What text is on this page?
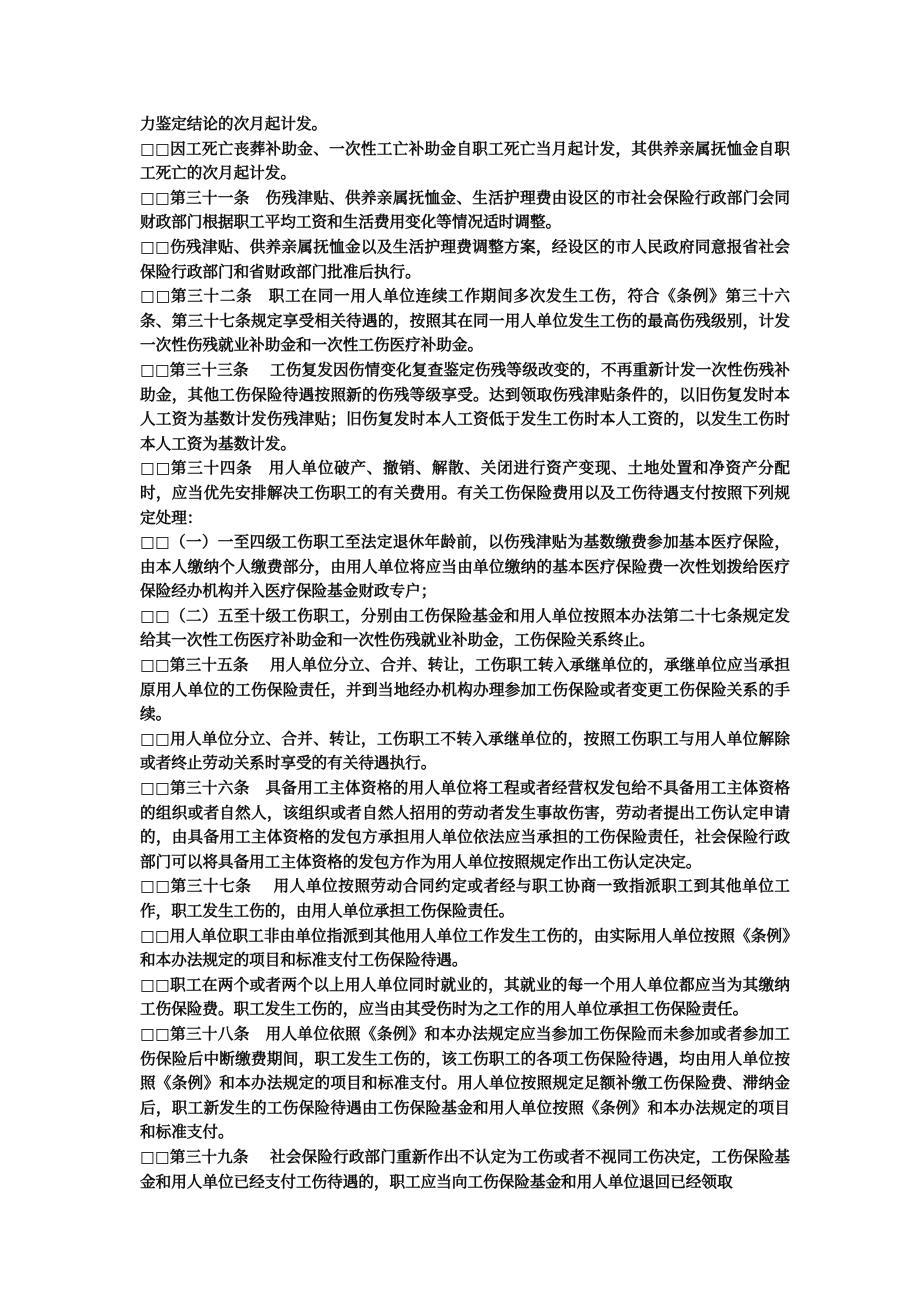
力鉴定结论的次月起计发。

□□因工死亡丧葬补助金、一次性工亡补助金自职工死亡当月起计发，其供养亲属抚恤金自职工死亡的次月起计发。

□□第三十一条　伤残津贴、供养亲属抚恤金、生活护理费由设区的市社会保险行政部门会同财政部门根据职工平均工资和生活费用变化等情况适时调整。

□□伤残津贴、供养亲属抚恤金以及生活护理费调整方案，经设区的市人民政府同意报省社会保险行政部门和省财政部门批准后执行。

□□第三十二条　职工在同一用人单位连续工作期间多次发生工伤，符合《条例》第三十六条、第三十七条规定享受相关待遇的，按照其在同一用人单位发生工伤的最高伤残级别，计发一次性伤残就业补助金和一次性工伤医疗补助金。

□□第三十三条　 工伤复发因伤情变化复查鉴定伤残等级改变的，不再重新计发一次性伤残补助金，其他工伤保险待遇按照新的伤残等级享受。达到领取伤残津贴条件的，以旧伤复发时本人工资为基数计发伤残津贴；旧伤复发时本人工资低于发生工伤时本人工资的，以发生工伤时本人工资为基数计发。

□□第三十四条　用人单位破产、撤销、解散、关闭进行资产变现、土地处置和净资产分配时，应当优先安排解决工伤职工的有关费用。有关工伤保险费用以及工伤待遇支付按照下列规定处理：

□□（一）一至四级工伤职工至法定退休年龄前，以伤残津贴为基数缴费参加基本医疗保险，由本人缴纳个人缴费部分，由用人单位将应当由单位缴纳的基本医疗保险费一次性划拨给医疗保险经办机构并入医疗保险基金财政专户；

□□（二）五至十级工伤职工，分别由工伤保险基金和用人单位按照本办法第二十七条规定发给其一次性工伤医疗补助金和一次性伤残就业补助金，工伤保险关系终止。

□□第三十五条　 用人单位分立、合并、转让，工伤职工转入承继单位的，承继单位应当承担原用人单位的工伤保险责任，并到当地经办机构办理参加工伤保险或者变更工伤保险关系的手续。

□□用人单位分立、合并、转让，工伤职工不转入承继单位的，按照工伤职工与用人单位解除或者终止劳动关系时享受的有关待遇执行。

□□第三十六条　具备用工主体资格的用人单位将工程或者经营权发包给不具备用工主体资格的组织或者自然人，该组织或者自然人招用的劳动者发生事故伤害，劳动者提出工伤认定申请的，由具备用工主体资格的发包方承担用人单位依法应当承担的工伤保险责任，社会保险行政部门可以将具备用工主体资格的发包方作为用人单位按照规定作出工伤认定决定。

□□第三十七条　 用人单位按照劳动合同约定或者经与职工协商一致指派职工到其他单位工作，职工发生工伤的，由用人单位承担工伤保险责任。

□□用人单位职工非由单位指派到其他用人单位工作发生工伤的，由实际用人单位按照《条例》和本办法规定的项目和标准支付工伤保险待遇。

□□职工在两个或者两个以上用人单位同时就业的，其就业的每一个用人单位都应当为其缴纳工伤保险费。职工发生工伤的，应当由其受伤时为之工作的用人单位承担工伤保险责任。

□□第三十八条　用人单位依照《条例》和本办法规定应当参加工伤保险而未参加或者参加工伤保险后中断缴费期间，职工发生工伤的，该工伤职工的各项工伤保险待遇，均由用人单位按照《条例》和本办法规定的项目和标准支付。用人单位按照规定足额补缴工伤保险费、滞纳金后，职工新发生的工伤保险待遇由工伤保险基金和用人单位按照《条例》和本办法规定的项目和标准支付。

□□第三十九条　 社会保险行政部门重新作出不认定为工伤或者不视同工伤决定，工伤保险基金和用人单位已经支付工伤待遇的，职工应当向工伤保险基金和用人单位退回已经领取
